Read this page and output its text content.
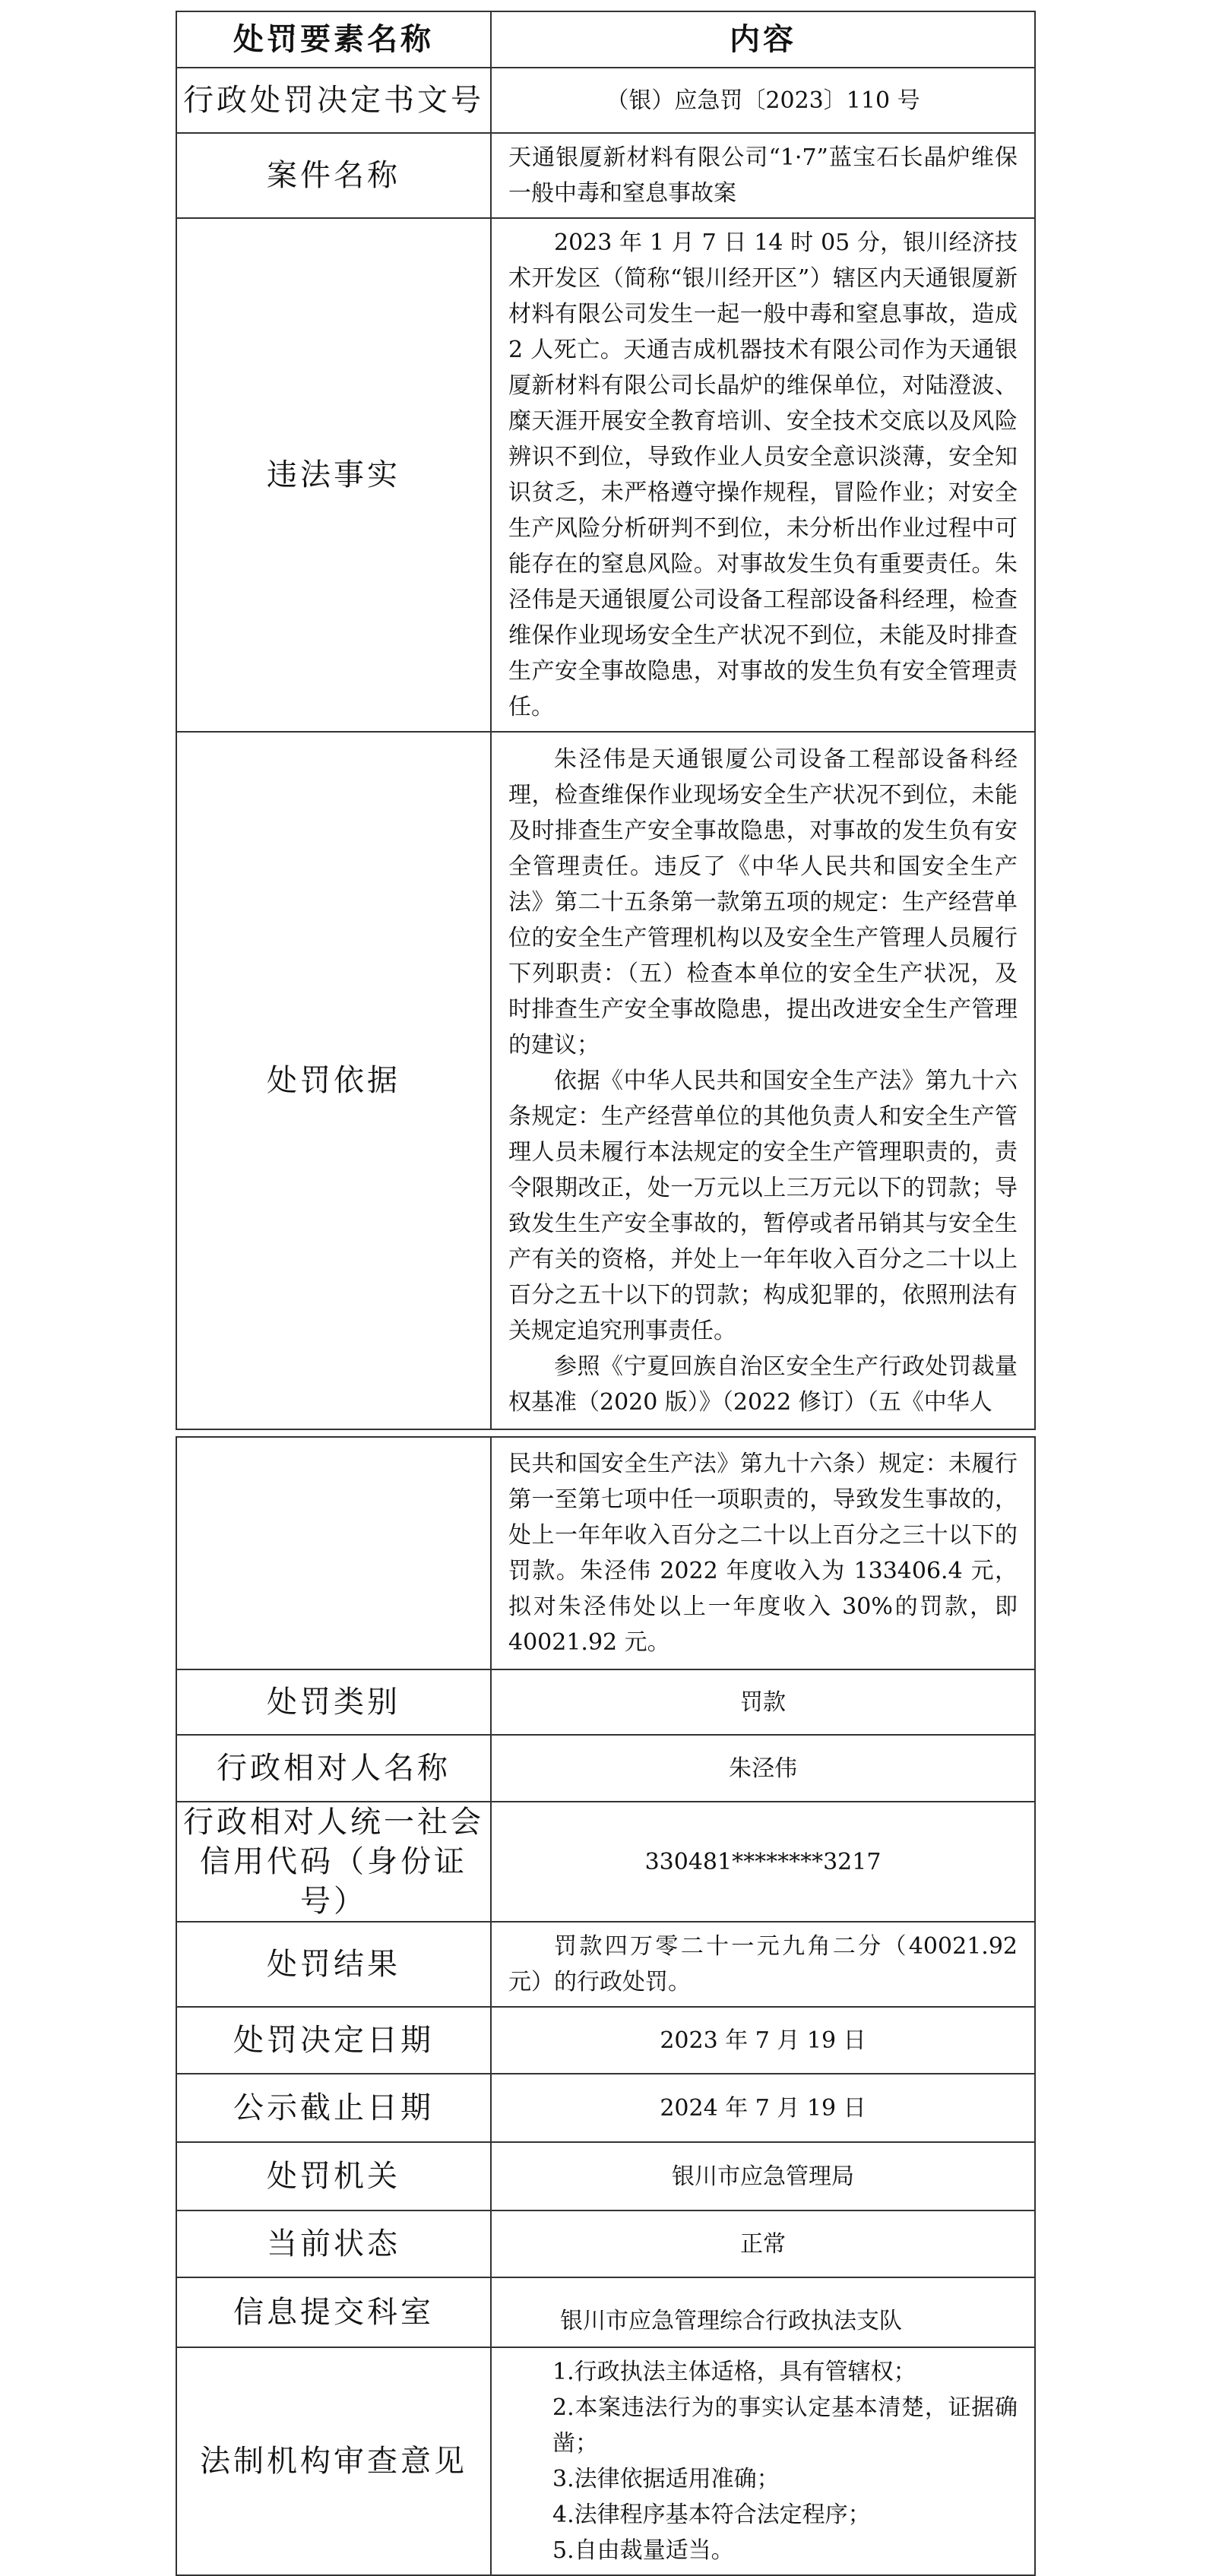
处罚要素名称	内容
行政处罚决定书文号	（银）应急罚〔2023〕110 号
案件名称	天通银厦新材料有限公司“1·7”蓝宝石长晶炉维保一般中毒和窒息事故案
违法事实	2023 年 1 月 7 日 14 时 05 分，银川经济技术开发区（简称“银川经开区”）辖区内天通银厦新材料有限公司发生一起一般中毒和窒息事故，造成 2 人死亡。天通吉成机器技术有限公司作为天通银厦新材料有限公司长晶炉的维保单位，对陆澄波、糜天涯开展安全教育培训、安全技术交底以及风险辨识不到位，导致作业人员安全意识淡薄，安全知识贫乏，未严格遵守操作规程，冒险作业；对安全生产风险分析研判不到位，未分析出作业过程中可能存在的窒息风险。对事故发生负有重要责任。朱泾伟是天通银厦公司设备工程部设备科经理，检查维保作业现场安全生产状况不到位，未能及时排查生产安全事故隐患，对事故的发生负有安全管理责任。

处罚依据	朱泾伟是天通银厦公司设备工程部设备科经理，检查维保作业现场安全生产状况不到位，未能及时排查生产安全事故隐患，对事故的发生负有安全管理责任。违反了《中华人民共和国安全生产法》第二十五条第一款第五项的规定：生产经营单位的安全生产管理机构以及安全生产管理人员履行下列职责：（五）检查本单位的安全生产状况，及时排查生产安全事故隐患，提出改进安全生产管理的建议；

依据《中华人民共和国安全生产法》第九十六条规定：生产经营单位的其他负责人和安全生产管理人员未履行本法规定的安全生产管理职责的，责令限期改正，处一万元以上三万元以下的罚款；导致发生生产安全事故的，暂停或者吊销其与安全生产有关的资格，并处上一年年收入百分之二十以上百分之五十以下的罚款；构成犯罪的，依照刑法有关规定追究刑事责任。

参照《宁夏回族自治区安全生产行政处罚裁量权基准（2020 版）》（2022 修订）（五《中华人

	民共和国安全生产法》第九十六条）规定：未履行第一至第七项中任一项职责的，导致发生事故的，处上一年年收入百分之二十以上百分之三十以下的罚款。朱泾伟 2022 年度收入为 133406.4 元，拟对朱泾伟处以上一年度收入 30%的罚款，即 40021.92 元。

处罚类别	罚款
行政相对人名称	朱泾伟
行政相对人统一社会信用代码（身份证号）	330481********3217
处罚结果	罚款四万零二十一元九角二分（40021.92 元）的行政处罚。

处罚决定日期	2023 年 7 月 19 日
公示截止日期	2024 年 7 月 19 日
处罚机关	银川市应急管理局
当前状态	正常
信息提交科室	银川市应急管理综合行政执法支队
法制机构审查意见	1.行政执法主体适格，具有管辖权；

2.本案违法行为的事实认定基本清楚，证据确凿；

3.法律依据适用准确；

4.法律程序基本符合法定程序；

5.自由裁量适当。
